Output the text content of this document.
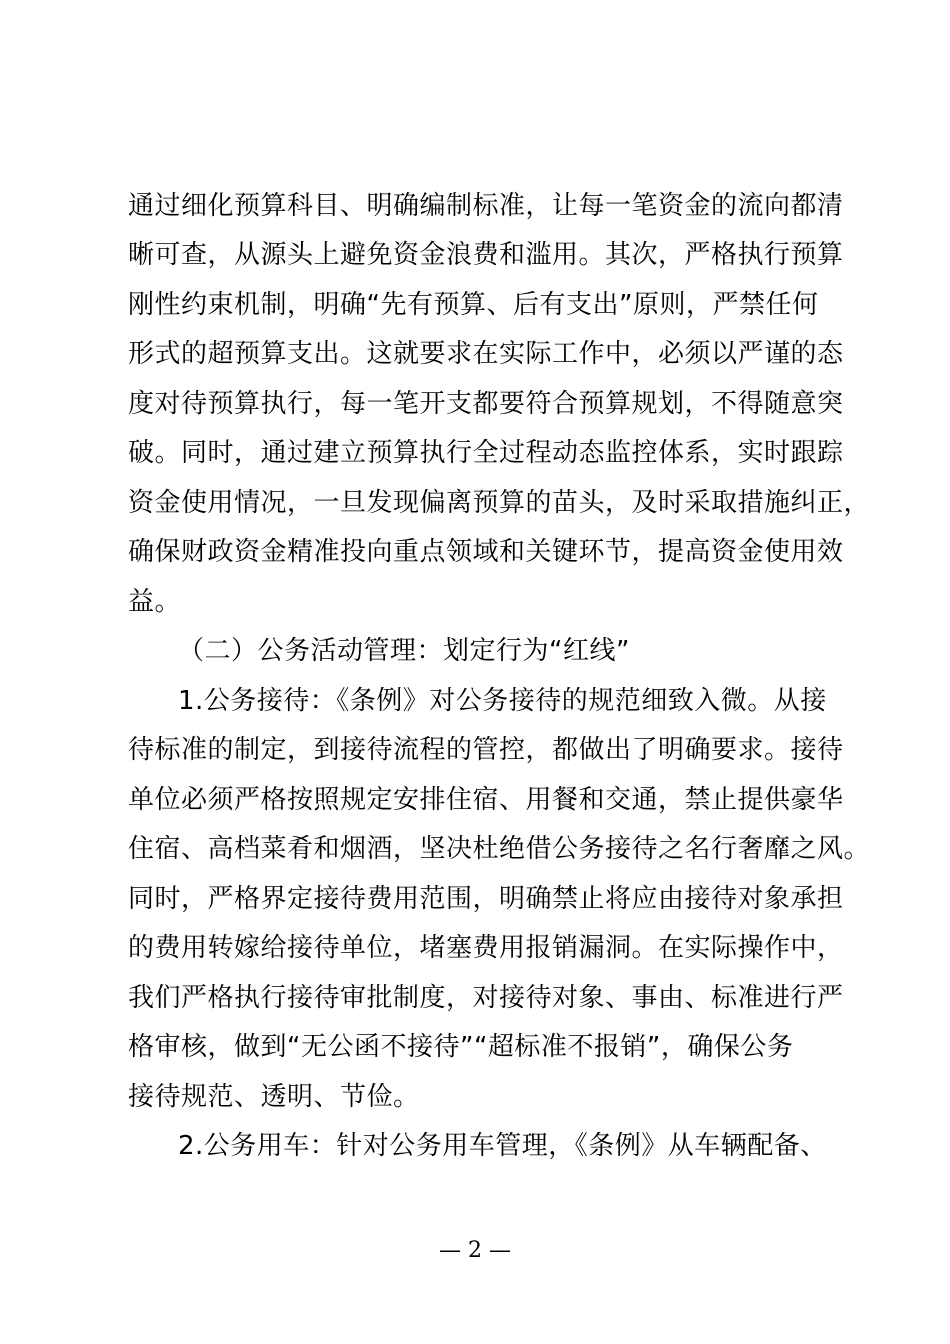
通过细化预算科目、明确编制标准，让每一笔资金的流向都清
晰可查，从源头上避免资金浪费和滥用。其次，严格执行预算
刚性约束机制，明确“先有预算、后有支出”原则，严禁任何
形式的超预算支出。这就要求在实际工作中，必须以严谨的态
度对待预算执行，每一笔开支都要符合预算规划，不得随意突
破。同时，通过建立预算执行全过程动态监控体系，实时跟踪
资金使用情况，一旦发现偏离预算的苗头，及时采取措施纠正，
确保财政资金精准投向重点领域和关键环节，提高资金使用效
益。
（二）公务活动管理：划定行为“红线”
1.公务接待：《条例》对公务接待的规范细致入微。从接
待标准的制定，到接待流程的管控，都做出了明确要求。接待
单位必须严格按照规定安排住宿、用餐和交通，禁止提供豪华
住宿、高档菜肴和烟酒，坚决杜绝借公务接待之名行奢靡之风。
同时，严格界定接待费用范围，明确禁止将应由接待对象承担
的费用转嫁给接待单位，堵塞费用报销漏洞。在实际操作中，
我们严格执行接待审批制度，对接待对象、事由、标准进行严
格审核，做到“无公函不接待”“超标准不报销”，确保公务
接待规范、透明、节俭。
2.公务用车：针对公务用车管理，《条例》从车辆配备、
— 2 —
